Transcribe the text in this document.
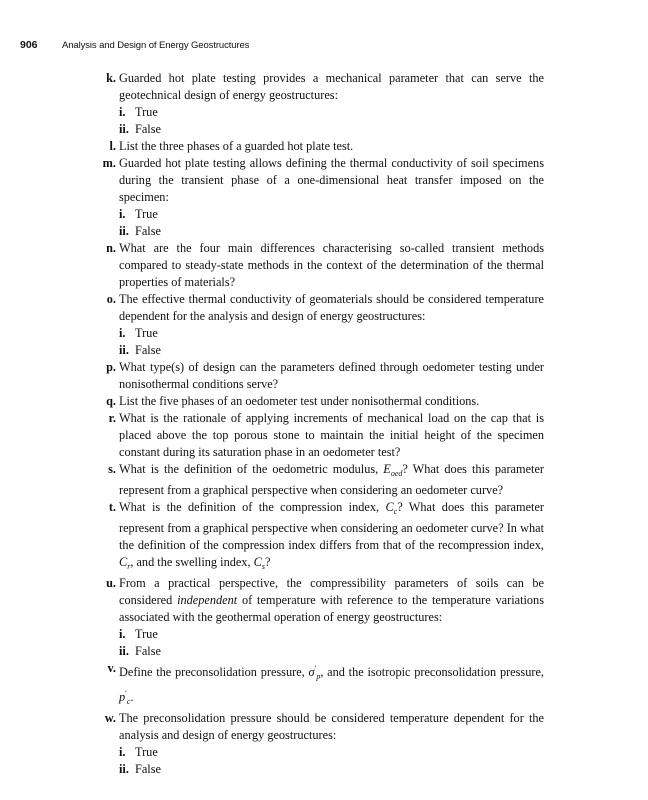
906	Analysis and Design of Energy Geostructures
k. Guarded hot plate testing provides a mechanical parameter that can serve the geotechnical design of energy geostructures:
i. True
ii. False
l. List the three phases of a guarded hot plate test.
m. Guarded hot plate testing allows defining the thermal conductivity of soil specimens during the transient phase of a one-dimensional heat transfer imposed on the specimen:
i. True
ii. False
n. What are the four main differences characterising so-called transient methods compared to steady-state methods in the context of the determination of the thermal properties of materials?
o. The effective thermal conductivity of geomaterials should be considered temperature dependent for the analysis and design of energy geostructures:
i. True
ii. False
p. What type(s) of design can the parameters defined through oedometer testing under nonisothermal conditions serve?
q. List the five phases of an oedometer test under nonisothermal conditions.
r. What is the rationale of applying increments of mechanical load on the cap that is placed above the top porous stone to maintain the initial height of the specimen constant during its saturation phase in an oedometer test?
s. What is the definition of the oedometric modulus, $E_{oed}$? What does this parameter represent from a graphical perspective when considering an oedometer curve?
t. What is the definition of the compression index, $C_c$? What does this parameter represent from a graphical perspective when considering an oedometer curve? In what the definition of the compression index differs from that of the recompression index, $C_r$, and the swelling index, $C_s$?
u. From a practical perspective, the compressibility parameters of soils can be considered independent of temperature with reference to the temperature variations associated with the geothermal operation of energy geostructures:
i. True
ii. False
v. Define the preconsolidation pressure, $\sigma'_p$, and the isotropic preconsolidation pressure, $p'_c$.
w. The preconsolidation pressure should be considered temperature dependent for the analysis and design of energy geostructures:
i. True
ii. False
